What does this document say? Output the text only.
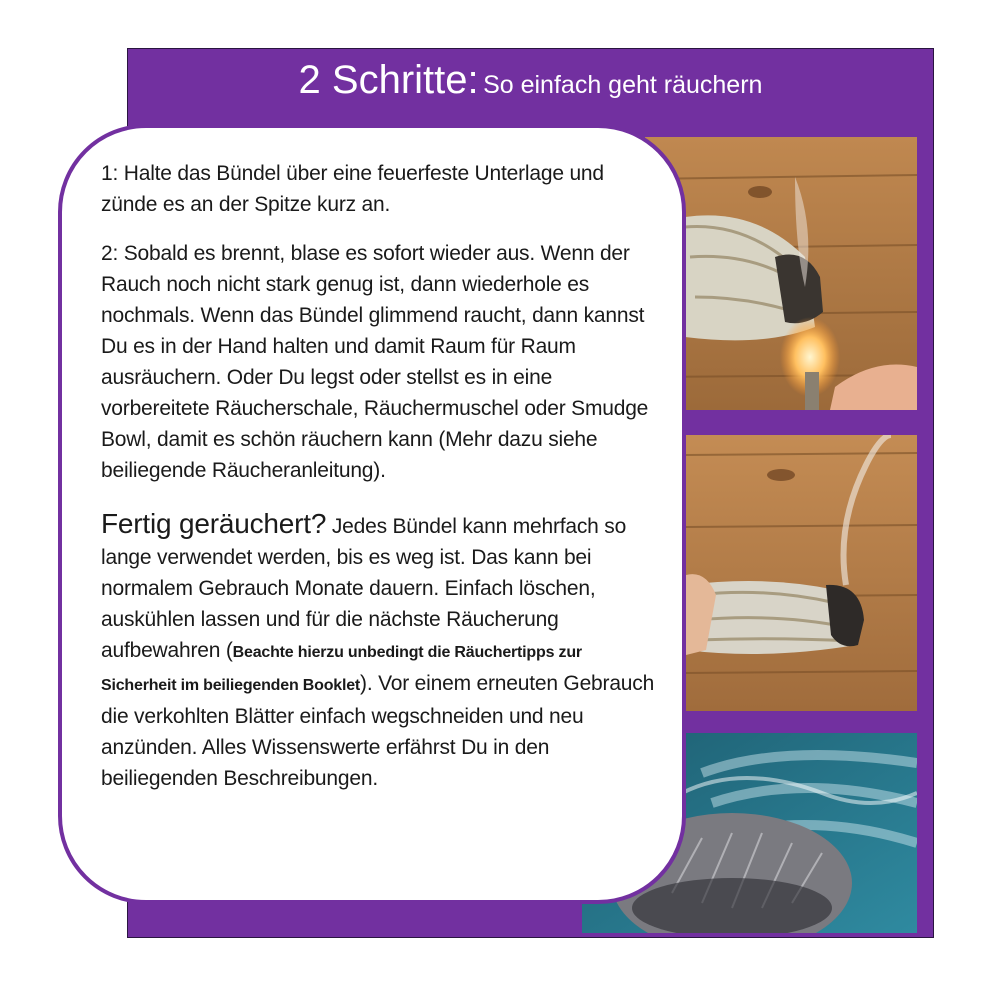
2 Schritte: So einfach geht räuchern

1: Halte das Bündel über eine feuerfeste Unterlage und zünde es an der Spitze kurz an.

2: Sobald es brennt, blase es sofort wieder aus. Wenn der Rauch noch nicht stark genug ist, dann wiederhole es nochmals. Wenn das Bündel glimmend raucht, dann kannst Du es in der Hand halten und damit Raum für Raum ausräuchern. Oder Du legst oder stellst es in eine vorbereitete Räucherschale, Räuchermuschel oder Smudge Bowl, damit es schön räuchern kann (Mehr dazu siehe beiliegende Räucheranleitung).

Fertig geräuchert? Jedes Bündel kann mehrfach so lange verwendet werden, bis es weg ist. Das kann bei normalem Gebrauch Monate dauern. Einfach löschen, auskühlen lassen und für die nächste Räucherung aufbewahren (Beachte hierzu unbedingt die Räuchertipps zur Sicherheit im beiliegenden Booklet). Vor einem erneuten Gebrauch die verkohlten Blätter einfach wegschneiden und neu anzünden. Alles Wissenswerte erfährst Du in den beiliegenden Beschreibungen.
